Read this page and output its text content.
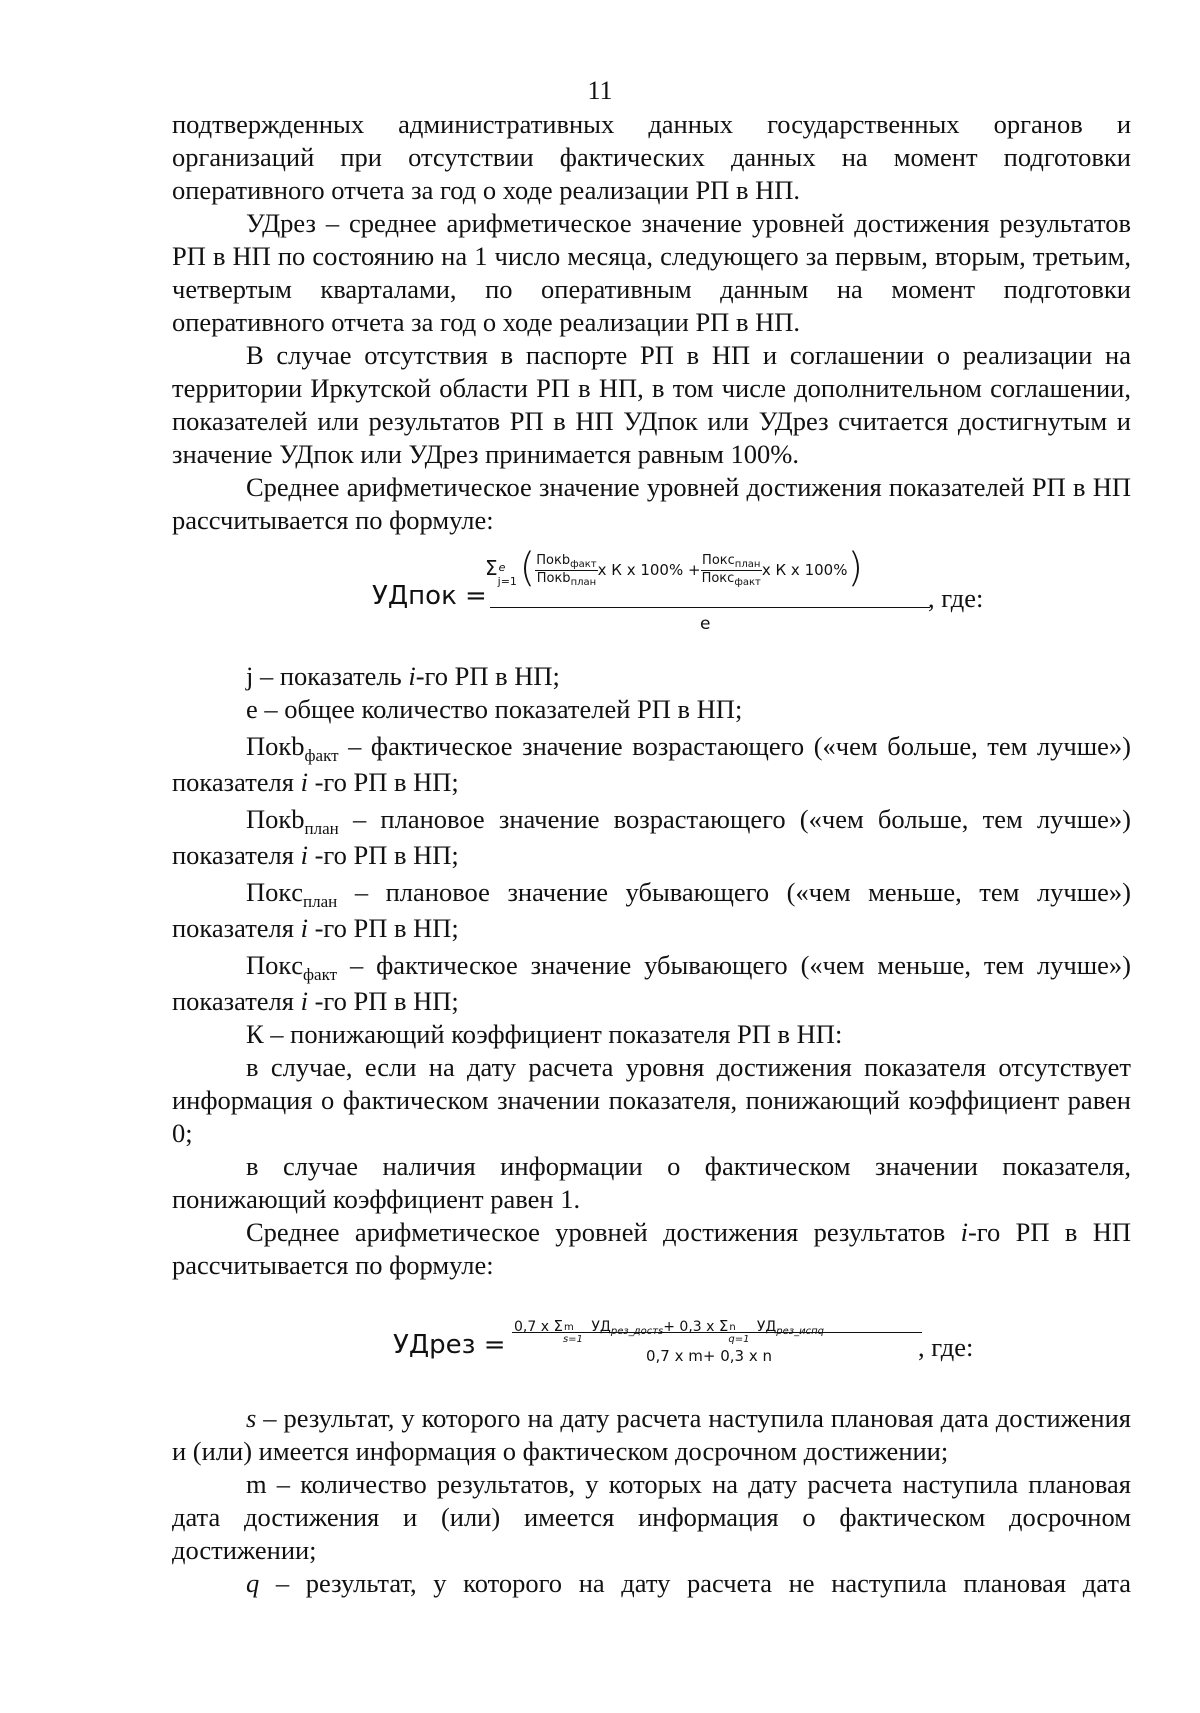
11

подтвержденных административных данных государственных органов и организаций при отсутствии фактических данных на момент подготовки оперативного отчета за год о ходе реализации РП в НП.

УДрез – среднее арифметическое значение уровней достижения результатов РП в НП по состоянию на 1 число месяца, следующего за первым, вторым, третьим, четвертым кварталами, по оперативным данным на момент подготовки оперативного отчета за год о ходе реализации РП в НП.

В случае отсутствия в паспорте РП в НП и соглашении о реализации на территории Иркутской области РП в НП, в том числе дополнительном соглашении, показателей или результатов РП в НП УДпок или УДрез считается достигнутым и значение УДпок или УДрез принимается равным 100%.

Среднее арифметическое значение уровней достижения показателей РП в НП рассчитывается по формуле:

УДпок =
Σ e
j=1 ( $\frac{Покb_{факт}}{Покb_{план}}$ x К x $100\% + \frac{Покc_{план}}{Покc_{факт}}$ x К x 100%)
е
, где:

j – показатель i-го РП в НП;

е – общее количество показателей РП в НП;

Покb$_{факт}$ – фактическое значение возрастающего («чем больше, тем лучше») показателя i -го РП в НП;

Покb$_{план}$ – плановое значение возрастающего («чем больше, тем лучше») показателя i -го РП в НП;

Покc$_{план}$ – плановое значение убывающего («чем меньше, тем лучше») показателя i -го РП в НП;

Покc$_{факт}$ – фактическое значение убывающего («чем меньше, тем лучше») показателя i -го РП в НП;

К – понижающий коэффициент показателя РП в НП:

в случае, если на дату расчета уровня достижения показателя отсутствует информация о фактическом значении показателя, понижающий коэффициент равен 0;

в случае наличия информации о фактическом значении показателя, понижающий коэффициент равен 1.

Среднее арифметическое уровней достижения результатов i-го РП в НП рассчитывается по формуле:

УДрез =
0,7 x Σ m
s=1
$УД_{рез\_достs}+ 0,3$ x Σ n
q=1
$УД_{рез\_испq}$
0,7 x m+ 0,3 x n	, где:

s – результат, у которого на дату расчета наступила плановая дата достижения и (или) имеется информация о фактическом досрочном достижении;

m – количество результатов, у которых на дату расчета наступила плановая дата достижения и (или) имеется информация о фактическом досрочном достижении;

q – результат, у которого на дату расчета не наступила плановая дата
